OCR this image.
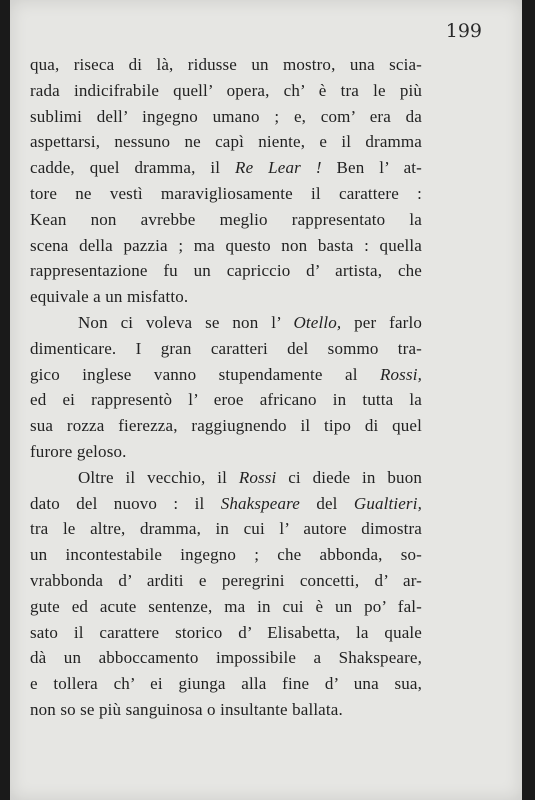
199
qua, riseca di là, ridusse un mostro, una scia-
rada indicifrabile quell’ opera, ch’ è tra le più
sublimi dell’ ingegno umano ; e, com’ era da
aspettarsi, nessuno ne capì niente, e il dramma
cadde, quel dramma, il Re Lear ! Ben l’ at-
tore ne vestì maravigliosamente il carattere :
Kean non avrebbe meglio rappresentato la
scena della pazzia ; ma questo non basta : quella
rappresentazione fu un capriccio d’ artista, che
equivale a un misfatto.
Non ci voleva se non l’ Otello, per farlo
dimenticare. I gran caratteri del sommo tra-
gico inglese vanno stupendamente al Rossi,
ed ei rappresentò l’ eroe africano in tutta la
sua rozza fierezza, raggiugnendo il tipo di quel
furore geloso.
Oltre il vecchio, il Rossi ci diede in buon
dato del nuovo : il Shakspeare del Gualtieri,
tra le altre, dramma, in cui l’ autore dimostra
un incontestabile ingegno ; che abbonda, so-
vrabbonda d’ arditi e peregrini concetti, d’ ar-
gute ed acute sentenze, ma in cui è un po’ fal-
sato il carattere storico d’ Elisabetta, la quale
dà un abboccamento impossibile a Shakspeare,
e tollera ch’ ei giunga alla fine d’ una sua,
non so se più sanguinosa o insultante ballata.
